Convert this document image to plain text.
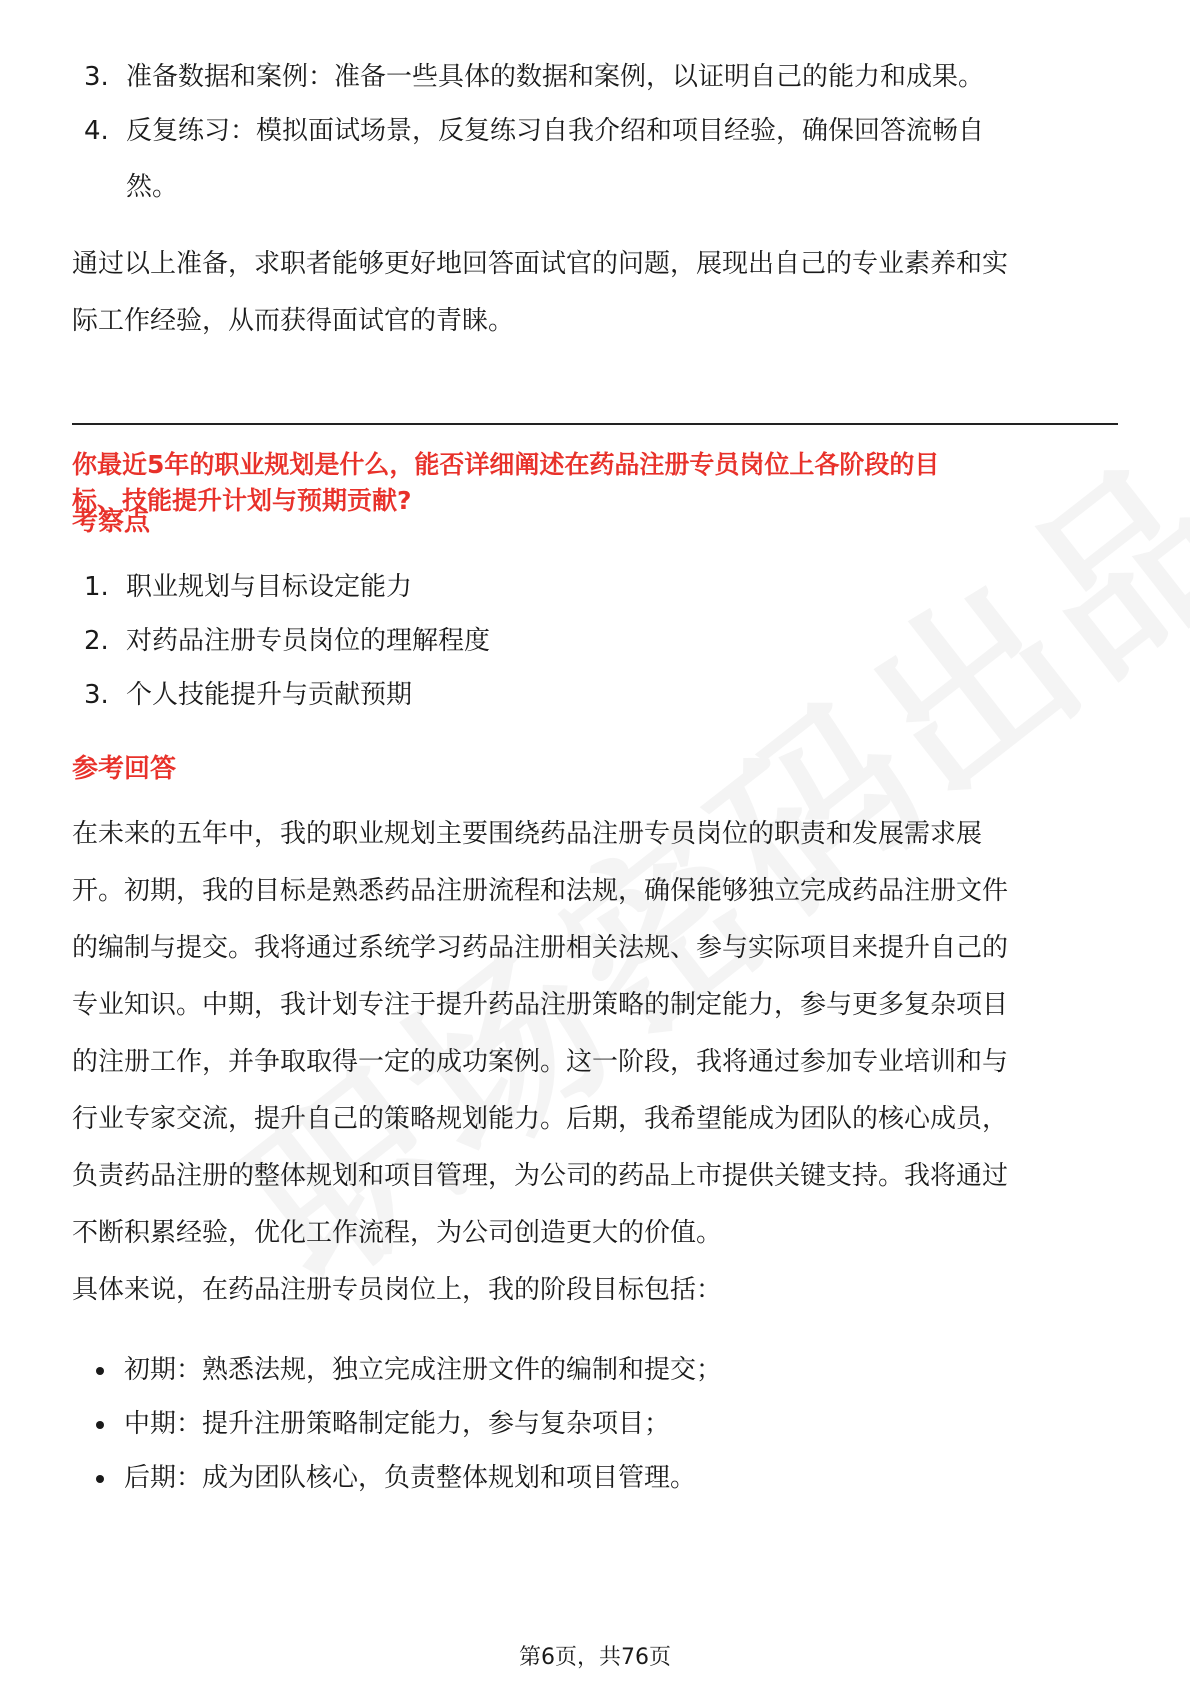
3. 准备数据和案例：准备一些具体的数据和案例，以证明自己的能力和成果。
4. 反复练习：模拟面试场景，反复练习自我介绍和项目经验，确保回答流畅自
然。
通过以上准备，求职者能够更好地回答面试官的问题，展现出自己的专业素养和实
际工作经验，从而获得面试官的青睐。
你最近5年的职业规划是什么，能否详细阐述在药品注册专员岗位上各阶段的目
标、技能提升计划与预期贡献?
考察点
1. 职业规划与目标设定能力
2. 对药品注册专员岗位的理解程度
3. 个人技能提升与贡献预期
参考回答
在未来的五年中，我的职业规划主要围绕药品注册专员岗位的职责和发展需求展
开。初期，我的目标是熟悉药品注册流程和法规，确保能够独立完成药品注册文件
的编制与提交。我将通过系统学习药品注册相关法规、参与实际项目来提升自己的
专业知识。中期，我计划专注于提升药品注册策略的制定能力，参与更多复杂项目
的注册工作，并争取取得一定的成功案例。这一阶段，我将通过参加专业培训和与
行业专家交流，提升自己的策略规划能力。后期，我希望能成为团队的核心成员，
负责药品注册的整体规划和项目管理，为公司的药品上市提供关键支持。我将通过
不断积累经验，优化工作流程，为公司创造更大的价值。
具体来说，在药品注册专员岗位上，我的阶段目标包括：
初期：熟悉法规，独立完成注册文件的编制和提交；
中期：提升注册策略制定能力，参与复杂项目；
后期：成为团队核心，负责整体规划和项目管理。
第6页，共76页
